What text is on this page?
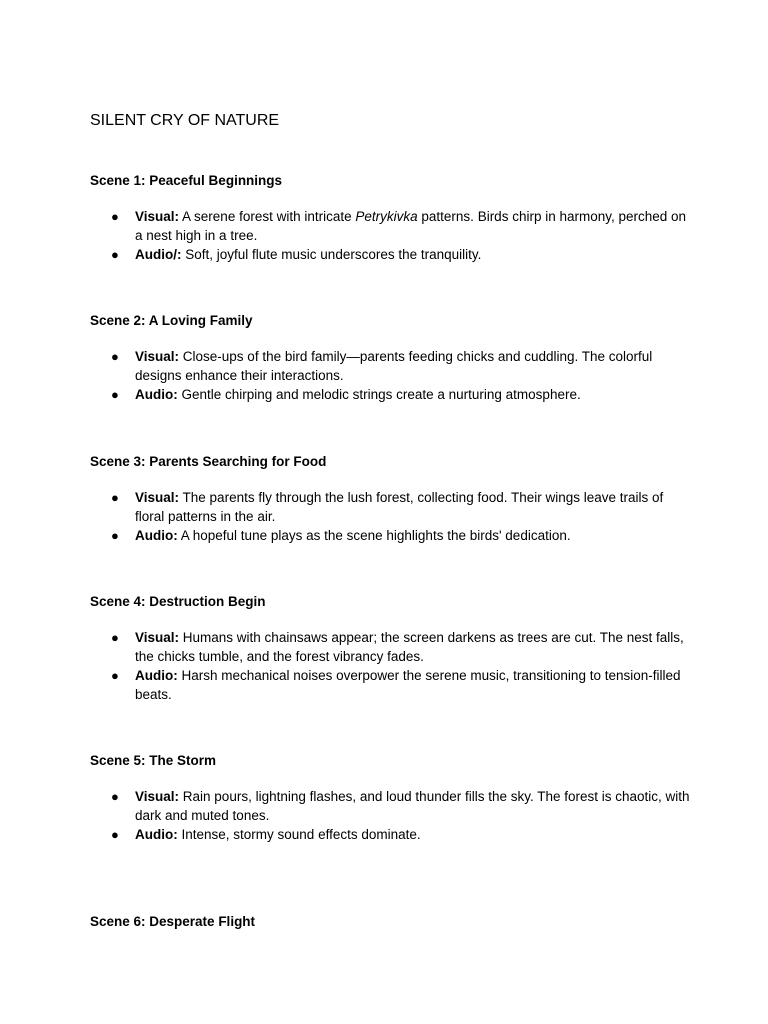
SILENT CRY OF NATURE

Scene 1: Peaceful Beginnings

● Visual: A serene forest with intricate Petrykivka patterns. Birds chirp in harmony, perched on a nest high in a tree.
● Audio/: Soft, joyful flute music underscores the tranquility.

Scene 2: A Loving Family

● Visual: Close-ups of the bird family—parents feeding chicks and cuddling. The colorful designs enhance their interactions.
● Audio: Gentle chirping and melodic strings create a nurturing atmosphere.

Scene 3: Parents Searching for Food

● Visual: The parents fly through the lush forest, collecting food. Their wings leave trails of floral patterns in the air.
● Audio: A hopeful tune plays as the scene highlights the birds' dedication.

Scene 4: Destruction Begin

● Visual: Humans with chainsaws appear; the screen darkens as trees are cut. The nest falls, the chicks tumble, and the forest vibrancy fades.
● Audio: Harsh mechanical noises overpower the serene music, transitioning to tension-filled beats.

Scene 5: The Storm

● Visual: Rain pours, lightning flashes, and loud thunder fills the sky. The forest is chaotic, with dark and muted tones.
● Audio: Intense, stormy sound effects dominate.

Scene 6: Desperate Flight
